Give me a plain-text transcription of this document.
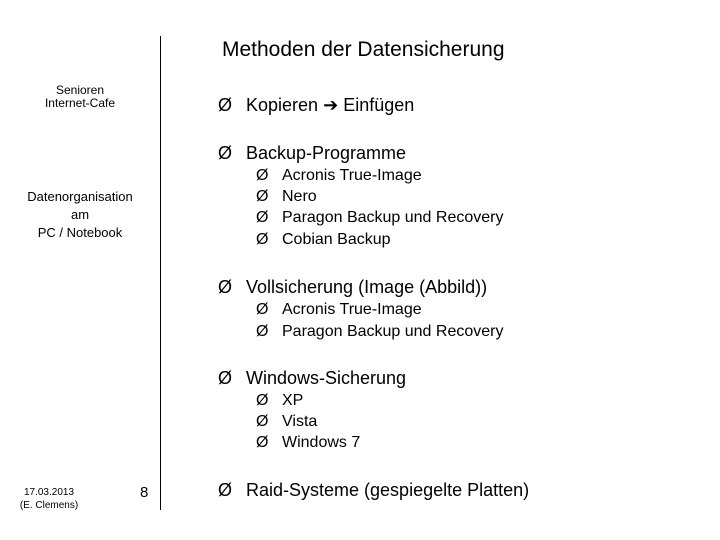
Methoden der Datensicherung
Senioren
Internet-Cafe
Datenorganisation
am
PC / Notebook
17.03.2013
(E. Clemens)
8
Ø Kopieren ➔ Einfügen
Ø Backup-Programme
Ø Acronis True-Image
Ø Nero
Ø Paragon Backup und Recovery
Ø Cobian Backup
Ø Vollsicherung (Image (Abbild))
Ø Acronis True-Image
Ø Paragon Backup und Recovery
Ø Windows-Sicherung
Ø XP
Ø Vista
Ø Windows 7
Ø Raid-Systeme (gespiegelte Platten)
